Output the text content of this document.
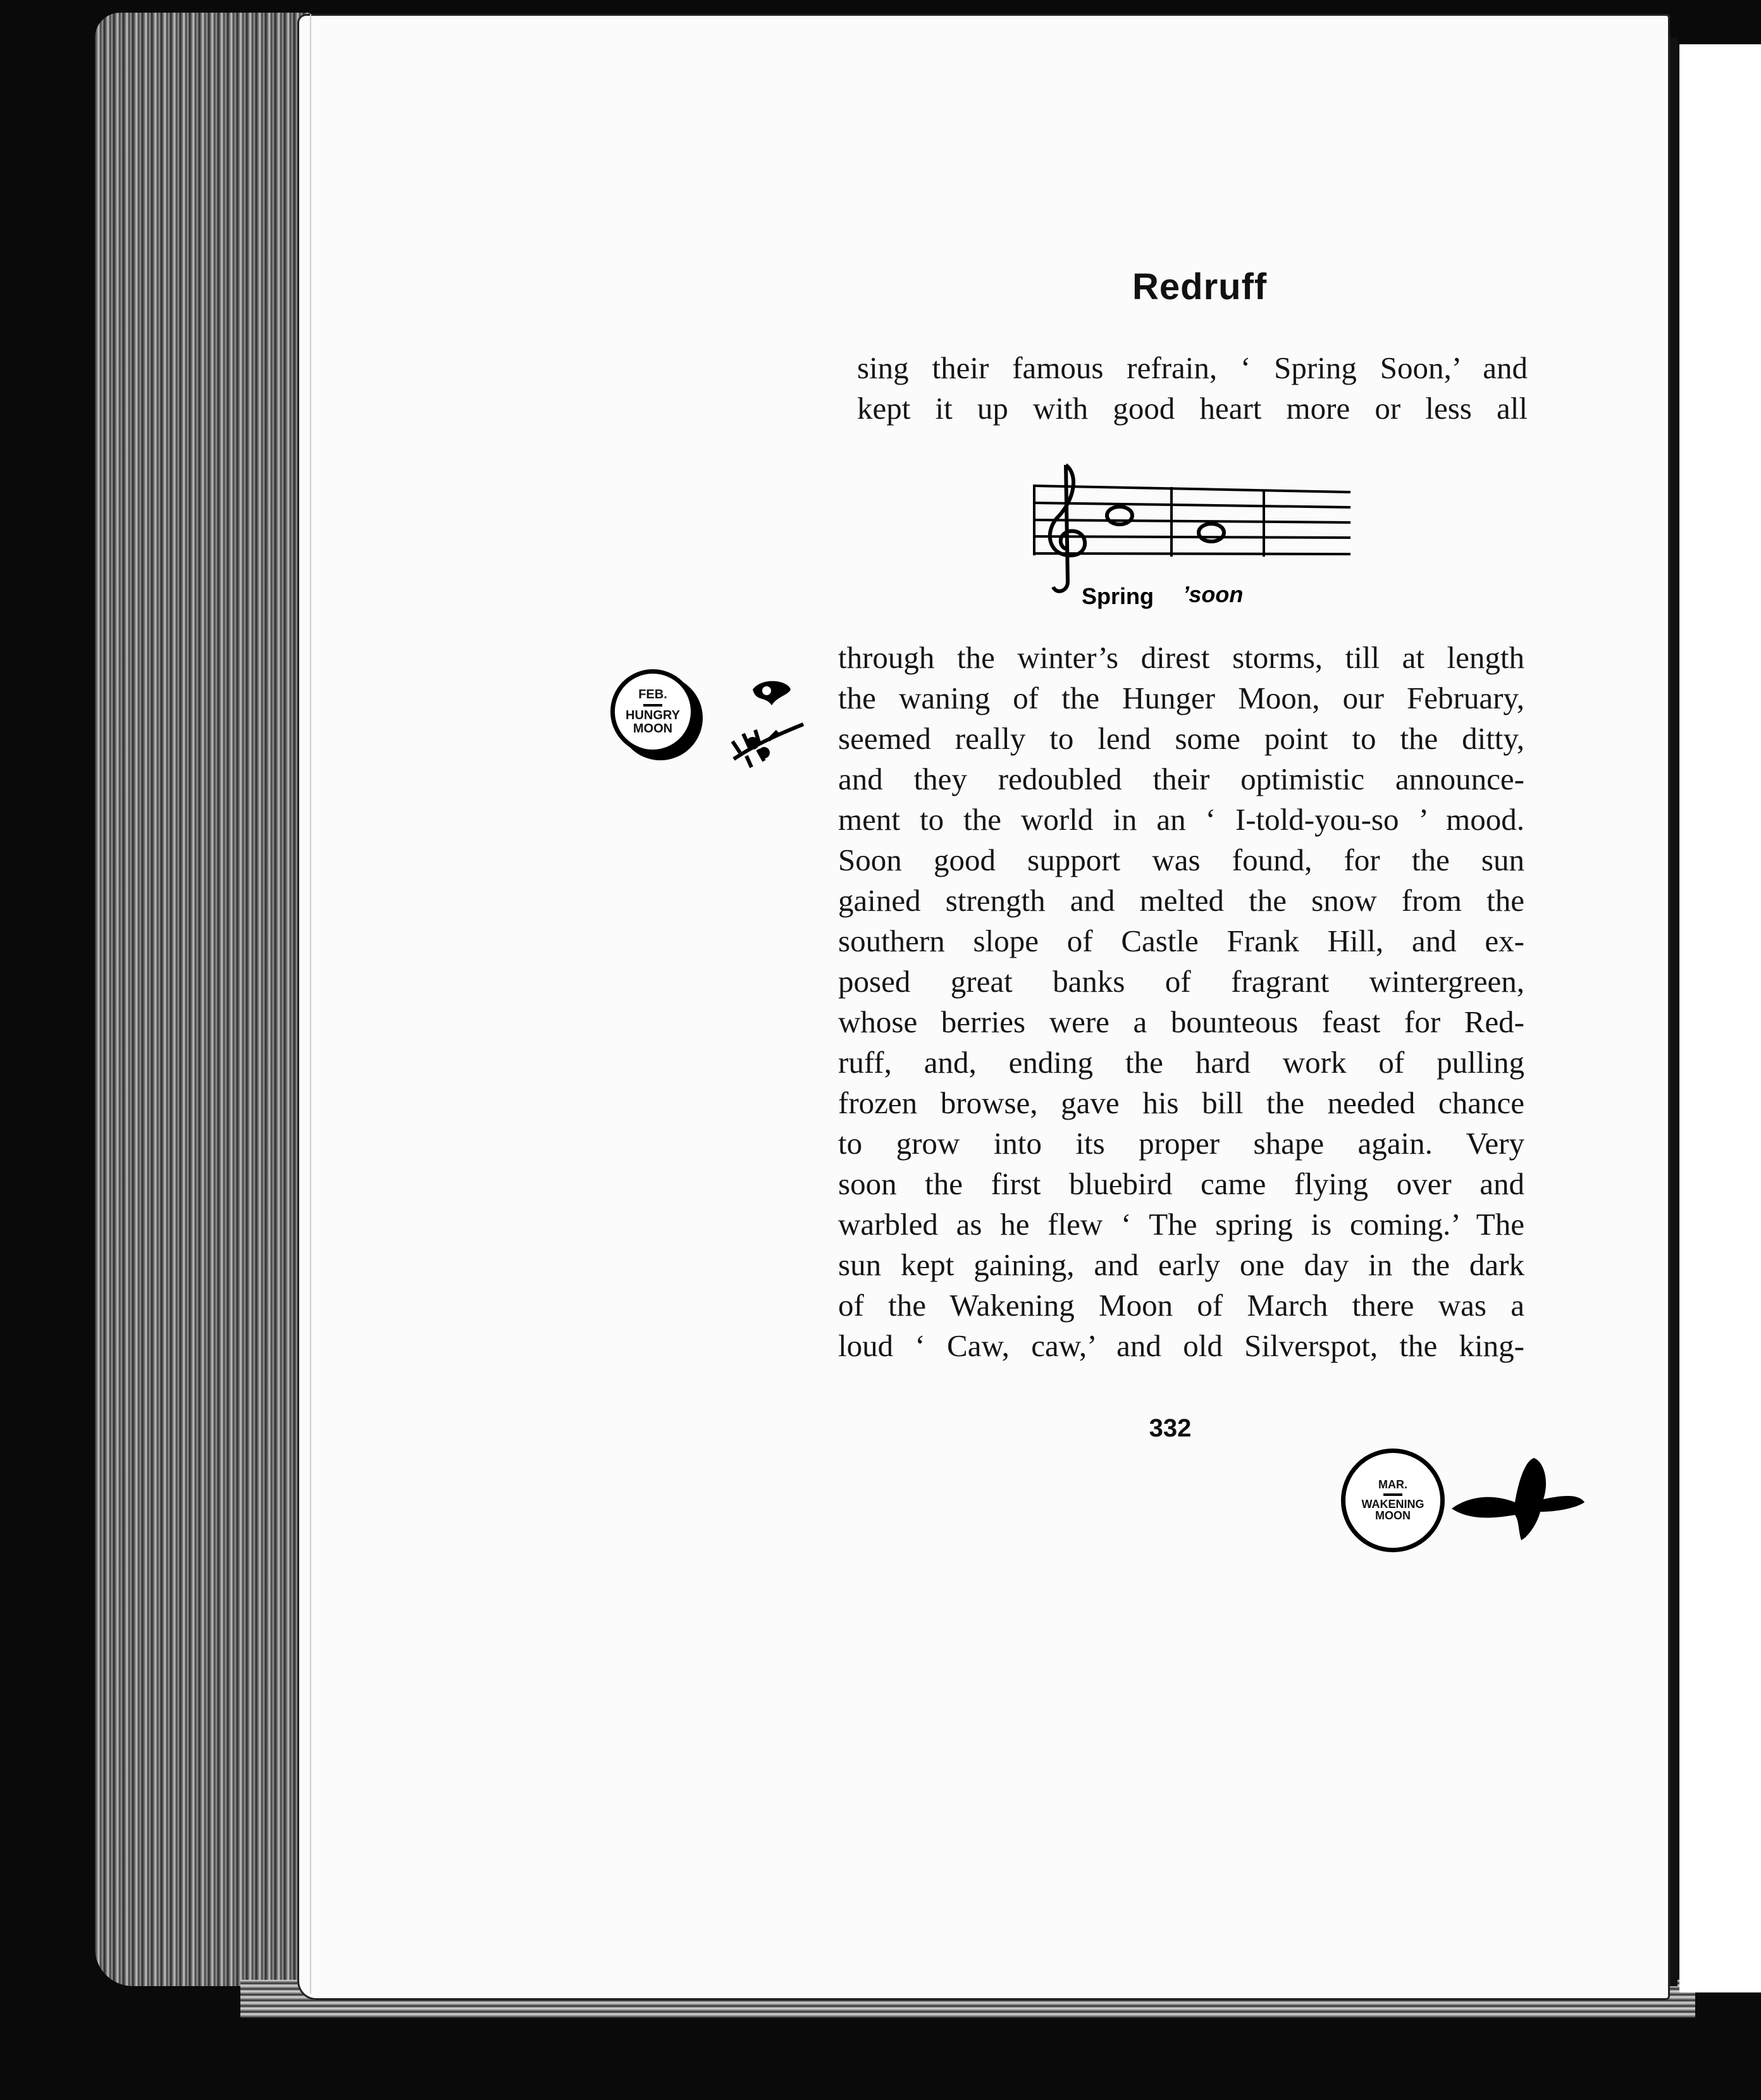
Redruff
sing their famous refrain, ‘ Spring Soon,’ and
kept it up with good heart more or less all
Spring ’soon
FEB.
HUNGRY
MOON
through the winter’s direst storms, till at length
the waning of the Hunger Moon, our February,
seemed really to lend some point to the ditty,
and they redoubled their optimistic announce-
ment to the world in an ‘ I-told-you-so ’ mood.
Soon good support was found, for the sun
gained strength and melted the snow from the
southern slope of Castle Frank Hill, and ex-
posed great banks of fragrant wintergreen,
whose berries were a bounteous feast for Red-
ruff, and, ending the hard work of pulling
frozen browse, gave his bill the needed chance
to grow into its proper shape again. Very
soon the first bluebird came flying over and
warbled as he flew ‘ The spring is coming.’ The
sun kept gaining, and early one day in the dark
of the Wakening Moon of March there was a
loud ‘ Caw, caw,’ and old Silverspot, the king-
332
MAR.
WAKENING
MOON
